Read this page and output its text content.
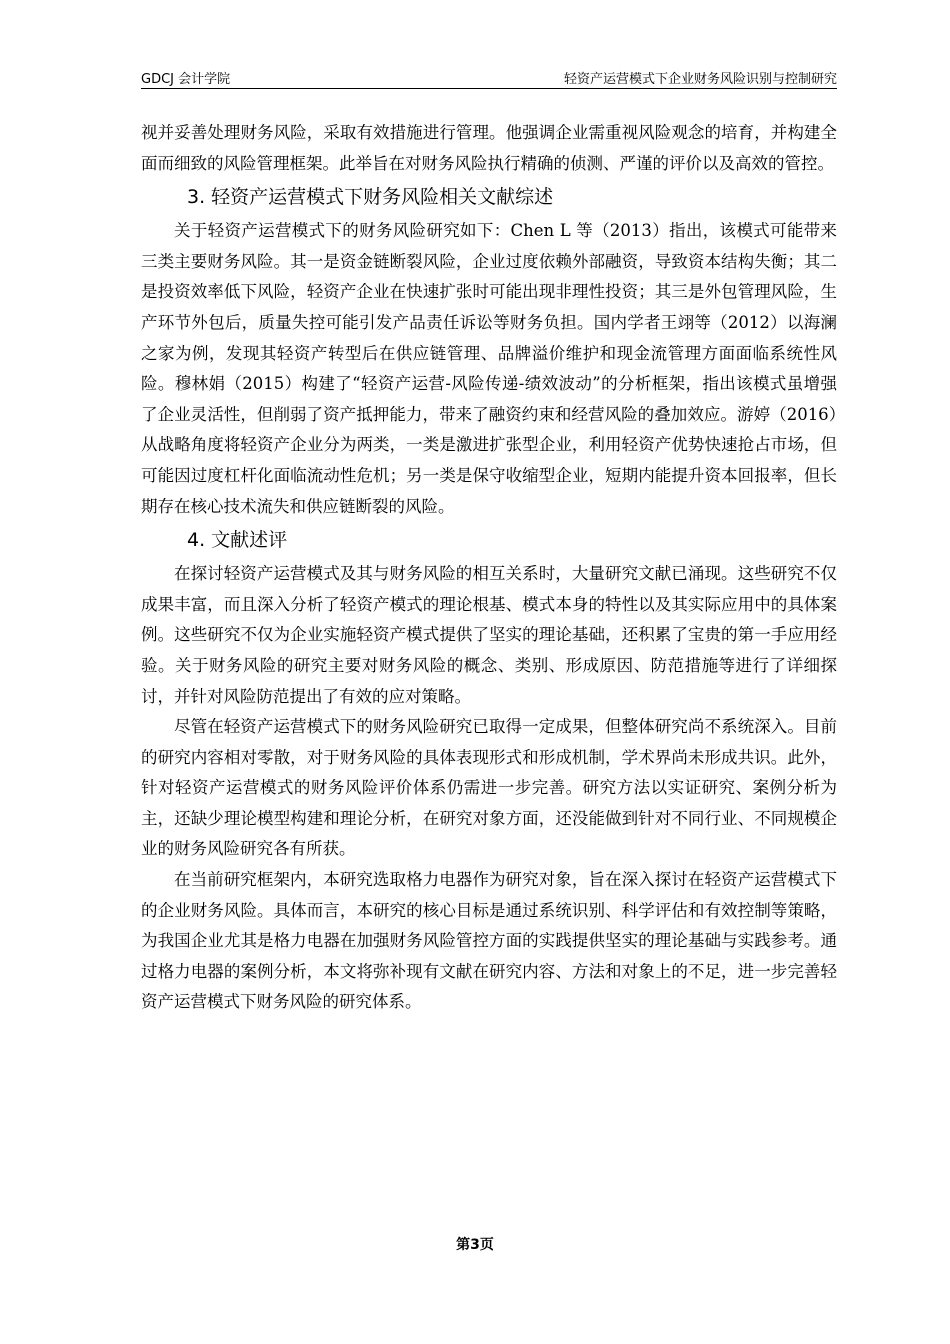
GDCJ 会计学院	轻资产运营模式下企业财务风险识别与控制研究

视并妥善处理财务风险，采取有效措施进行管理。他强调企业需重视风险观念的培育，并构建全面而细致的风险管理框架。此举旨在对财务风险执行精确的侦测、严谨的评价以及高效的管控。

3. 轻资产运营模式下财务风险相关文献综述

关于轻资产运营模式下的财务风险研究如下：Chen L 等（2013）指出，该模式可能带来三类主要财务风险。其一是资金链断裂风险，企业过度依赖外部融资，导致资本结构失衡；其二是投资效率低下风险，轻资产企业在快速扩张时可能出现非理性投资；其三是外包管理风险，生产环节外包后，质量失控可能引发产品责任诉讼等财务负担。国内学者王翊等（2012）以海澜之家为例，发现其轻资产转型后在供应链管理、品牌溢价维护和现金流管理方面面临系统性风险。穆林娟（2015）构建了“轻资产运营-风险传递-绩效波动”的分析框架，指出该模式虽增强了企业灵活性，但削弱了资产抵押能力，带来了融资约束和经营风险的叠加效应。游婷（2016）从战略角度将轻资产企业分为两类，一类是激进扩张型企业，利用轻资产优势快速抢占市场，但可能因过度杠杆化面临流动性危机；另一类是保守收缩型企业，短期内能提升资本回报率，但长期存在核心技术流失和供应链断裂的风险。

4. 文献述评

在探讨轻资产运营模式及其与财务风险的相互关系时，大量研究文献已涌现。这些研究不仅成果丰富，而且深入分析了轻资产模式的理论根基、模式本身的特性以及其实际应用中的具体案例。这些研究不仅为企业实施轻资产模式提供了坚实的理论基础，还积累了宝贵的第一手应用经验。关于财务风险的研究主要对财务风险的概念、类别、形成原因、防范措施等进行了详细探讨，并针对风险防范提出了有效的应对策略。

尽管在轻资产运营模式下的财务风险研究已取得一定成果，但整体研究尚不系统深入。目前的研究内容相对零散，对于财务风险的具体表现形式和形成机制，学术界尚未形成共识。此外，针对轻资产运营模式的财务风险评价体系仍需进一步完善。研究方法以实证研究、案例分析为主，还缺少理论模型构建和理论分析，在研究对象方面，还没能做到针对不同行业、不同规模企业的财务风险研究各有所获。

在当前研究框架内，本研究选取格力电器作为研究对象，旨在深入探讨在轻资产运营模式下的企业财务风险。具体而言，本研究的核心目标是通过系统识别、科学评估和有效控制等策略，为我国企业尤其是格力电器在加强财务风险管控方面的实践提供坚实的理论基础与实践参考。通过格力电器的案例分析，本文将弥补现有文献在研究内容、方法和对象上的不足，进一步完善轻资产运营模式下财务风险的研究体系。

第3页
